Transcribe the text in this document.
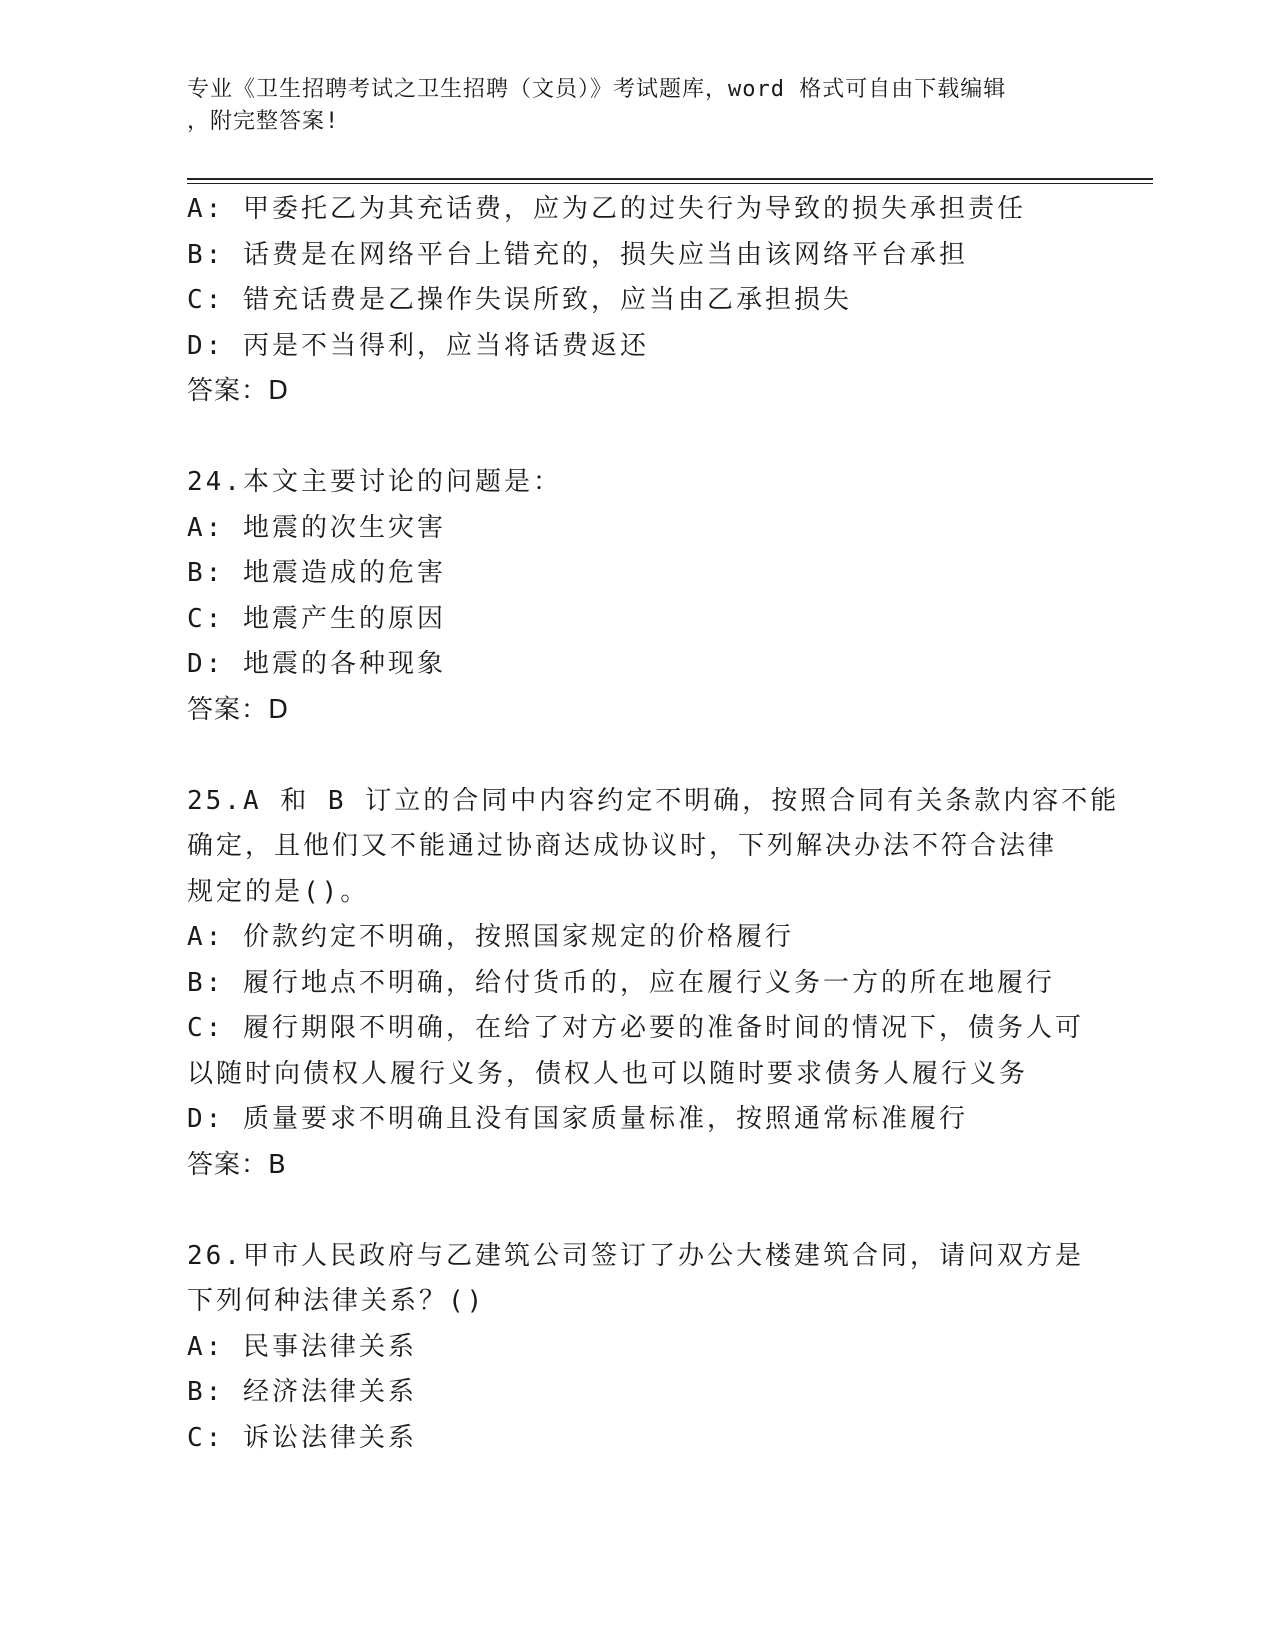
专业《卫生招聘考试之卫生招聘（文员）》考试题库，word 格式可自由下载编辑
，附完整答案!
A: 甲委托乙为其充话费，应为乙的过失行为导致的损失承担责任
B: 话费是在网络平台上错充的，损失应当由该网络平台承担
C: 错充话费是乙操作失误所致，应当由乙承担损失
D: 丙是不当得利，应当将话费返还
答案：D
24.本文主要讨论的问题是：
A: 地震的次生灾害
B: 地震造成的危害
C: 地震产生的原因
D: 地震的各种现象
答案：D
25.A 和 B 订立的合同中内容约定不明确，按照合同有关条款内容不能
确定，且他们又不能通过协商达成协议时，下列解决办法不符合法律
规定的是()。
A: 价款约定不明确，按照国家规定的价格履行
B: 履行地点不明确，给付货币的，应在履行义务一方的所在地履行
C: 履行期限不明确，在给了对方必要的准备时间的情况下，债务人可
以随时向债权人履行义务，债权人也可以随时要求债务人履行义务
D: 质量要求不明确且没有国家质量标准，按照通常标准履行
答案：B
26.甲市人民政府与乙建筑公司签订了办公大楼建筑合同，请问双方是
下列何种法律关系？()
A: 民事法律关系
B: 经济法律关系
C: 诉讼法律关系
